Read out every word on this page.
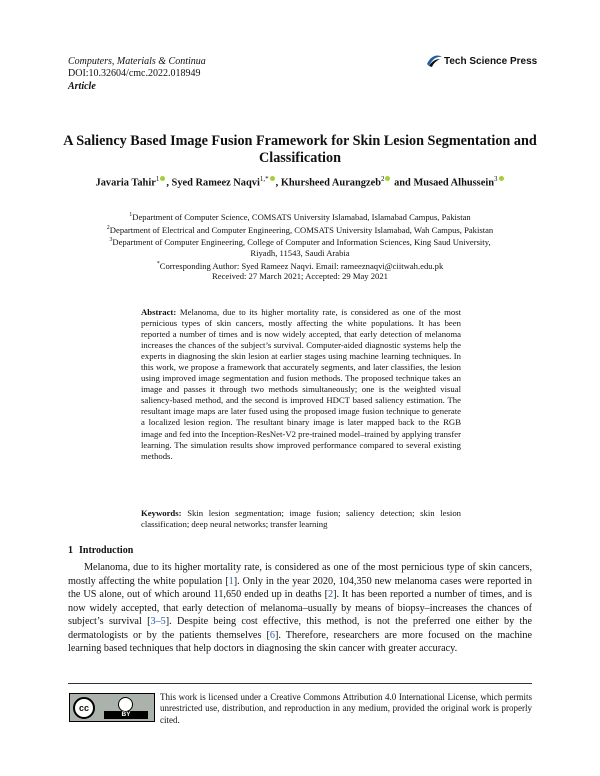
Computers, Materials & Continua
DOI:10.32604/cmc.2022.018949
Article
Tech Science Press
A Saliency Based Image Fusion Framework for Skin Lesion Segmentation and Classification
Javaria Tahir$^1$ , Syed Rameez Naqvi$^{1,*}$ , Khursheed Aurangzeb$^2$ and Musaed Alhussein$^3$
$^1$Department of Computer Science, COMSATS University Islamabad, Islamabad Campus, Pakistan
$^2$Department of Electrical and Computer Engineering, COMSATS University Islamabad, Wah Campus, Pakistan
$^3$Department of Computer Engineering, College of Computer and Information Sciences, King Saud University,
Riyadh, 11543, Saudi Arabia
*Corresponding Author: Syed Rameez Naqvi. Email: rameeznaqvi@ciitwah.edu.pk
Received: 27 March 2021; Accepted: 29 May 2021
Abstract: Melanoma, due to its higher mortality rate, is considered as one of the most pernicious types of skin cancers, mostly affecting the white populations. It has been reported a number of times and is now widely accepted, that early detection of melanoma increases the chances of the subject’s survival. Computer-aided diagnostic systems help the experts in diagnosing the skin lesion at earlier stages using machine learning techniques. In this work, we propose a framework that accurately segments, and later classifies, the lesion using improved image segmentation and fusion methods. The proposed technique takes an image and passes it through two methods simultaneously; one is the weighted visual saliency-based method, and the second is improved HDCT based saliency estimation. The resultant image maps are later fused using the proposed image fusion technique to generate a localized lesion region. The resultant binary image is later mapped back to the RGB image and fed into the Inception-ResNet-V2 pre-trained model–trained by applying transfer learning. The simulation results show improved performance compared to several existing methods.
Keywords: Skin lesion segmentation; image fusion; saliency detection; skin lesion classification; deep neural networks; transfer learning
1 Introduction
Melanoma, due to its higher mortality rate, is considered as one of the most pernicious type of skin cancers, mostly affecting the white population [1]. Only in the year 2020, 104,350 new melanoma cases were reported in the US alone, out of which around 11,650 ended up in deaths [2]. It has been reported a number of times, and is now widely accepted, that early detection of melanoma–usually by means of biopsy–increases the chances of subject’s survival [3–5]. Despite being cost effective, this method, is not the preferred one either by the dermatologists or by the patients themselves [6]. Therefore, researchers are more focused on the machine learning based techniques that help doctors in diagnosing the skin cancer with greater accuracy.
cc
BY
This work is licensed under a Creative Commons Attribution 4.0 International License, which permits unrestricted use, distribution, and reproduction in any medium, provided the original work is properly cited.
